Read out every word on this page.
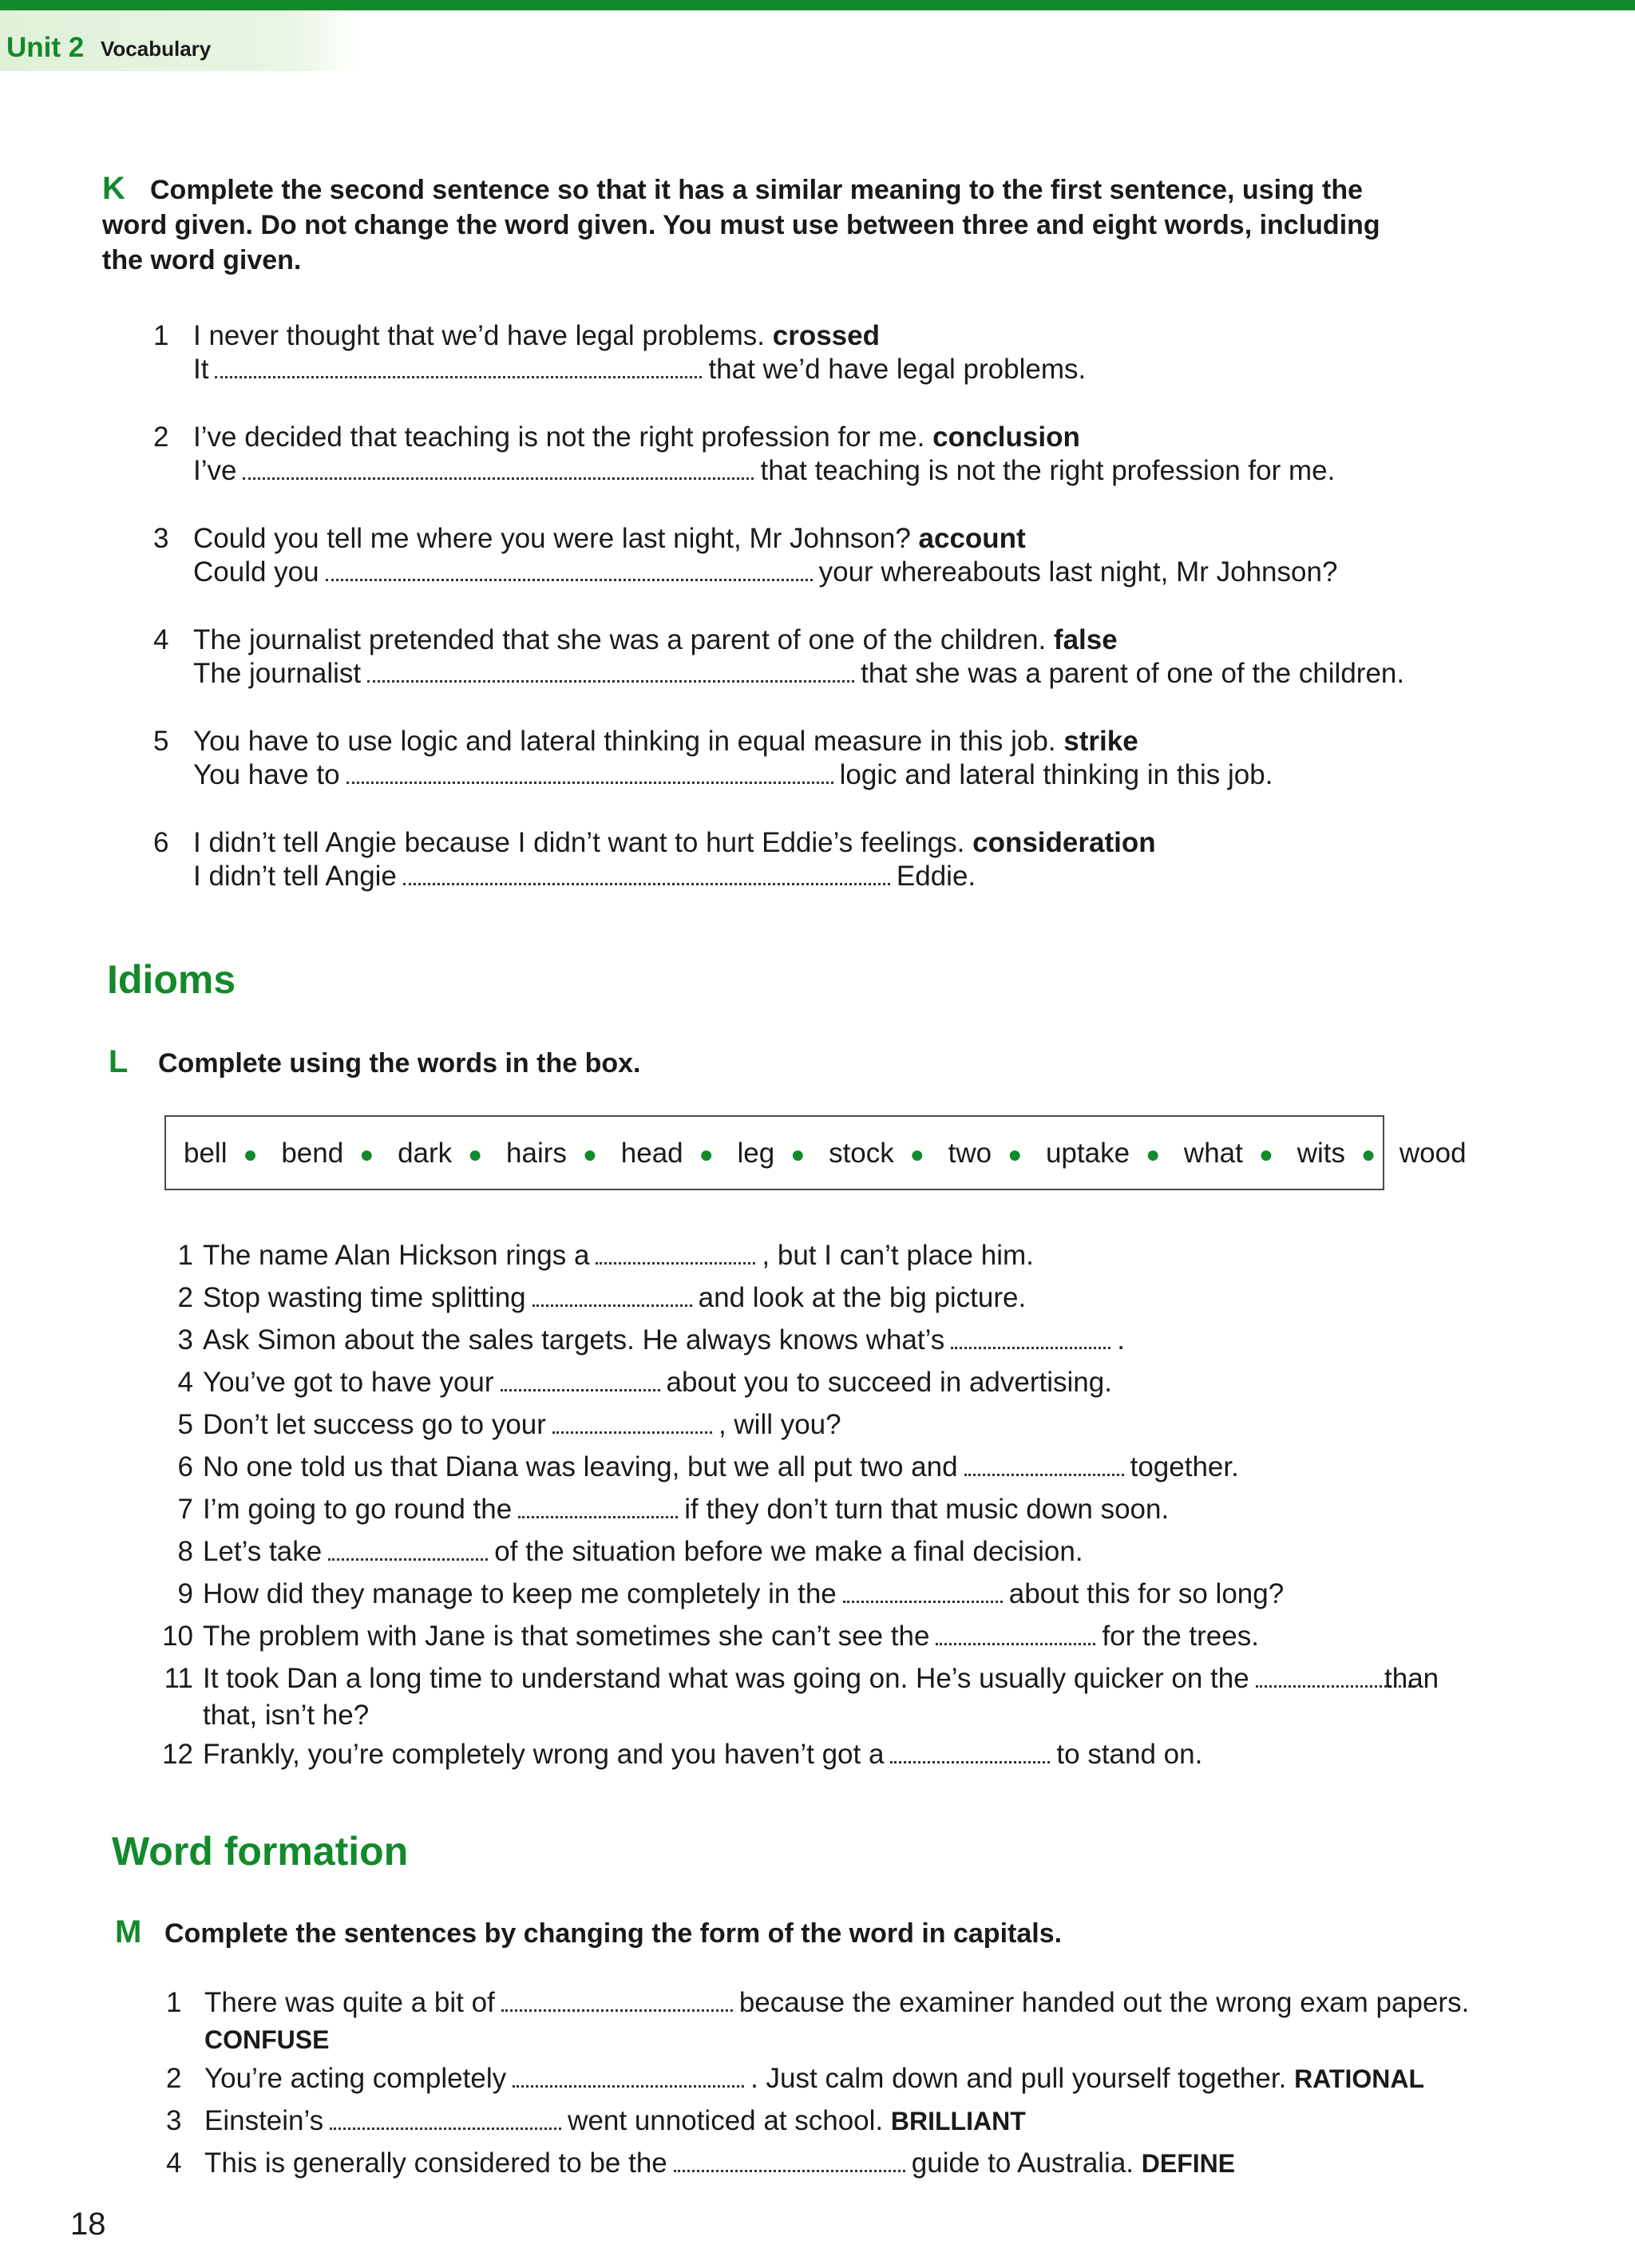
Unit 2 Vocabulary
K Complete the second sentence so that it has a similar meaning to the first sentence, using the word given. Do not change the word given. You must use between three and eight words, including the word given.
1 I never thought that we’d have legal problems. crossed
It	that we’d have legal problems.
2 I’ve decided that teaching is not the right profession for me. conclusion
I’ve	that teaching is not the right profession for me.
3 Could you tell me where you were last night, Mr Johnson? account
Could you	your whereabouts last night, Mr Johnson?
4 The journalist pretended that she was a parent of one of the children. false
The journalist	that she was a parent of one of the children.
5 You have to use logic and lateral thinking in equal measure in this job. strike
You have to	logic and lateral thinking in this job.
6 I didn’t tell Angie because I didn’t want to hurt Eddie’s feelings. consideration
I didn’t tell Angie	Eddie.
Idioms
L Complete using the words in the box.
bell ● bend ● dark ● hairs ● head ● leg ● stock ● two ● uptake ● what ● wits ● wood
1 The name Alan Hickson rings a	, but I can’t place him.
2 Stop wasting time splitting	and look at the big picture.
3 Ask Simon about the sales targets. He always knows what’s	.
4 You’ve got to have your	about you to succeed in advertising.
5 Don’t let success go to your	, will you?
6 No one told us that Diana was leaving, but we all put two and	together.
7 I’m going to go round the	if they don’t turn that music down soon.
8 Let’s take	of the situation before we make a final decision.
9 How did they manage to keep me completely in the	about this for so long?
10 The problem with Jane is that sometimes she can’t see the	for the trees.
11 It took Dan a long time to understand what was going on. He’s usually quicker on the	than
that, isn’t he?
12 Frankly, you’re completely wrong and you haven’t got a	to stand on.
Word formation
M Complete the sentences by changing the form of the word in capitals.
1 There was quite a bit of	because the examiner handed out the wrong exam papers.
CONFUSE
2 You’re acting completely	. Just calm down and pull yourself together. RATIONAL
3 Einstein’s	went unnoticed at school. BRILLIANT
4 This is generally considered to be the	guide to Australia. DEFINE
18
